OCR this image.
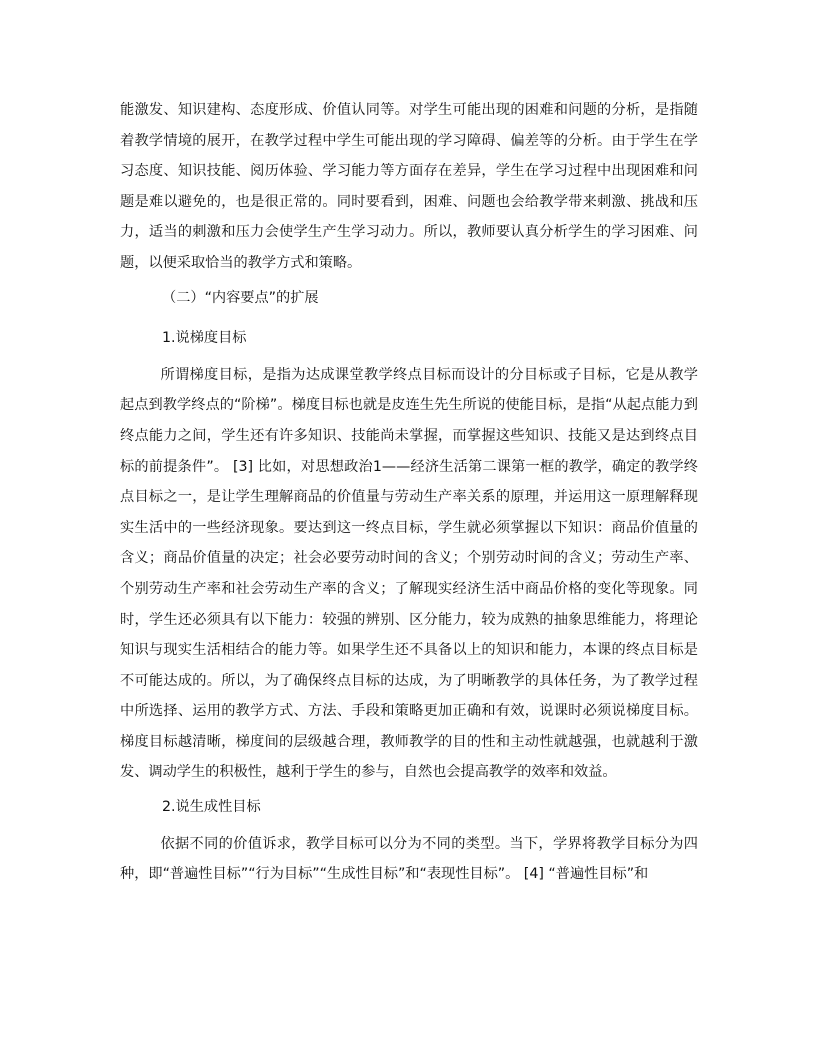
能激发、知识建构、态度形成、价值认同等。对学生可能出现的困难和问题的分析，是指随着教学情境的展开，在教学过程中学生可能出现的学习障碍、偏差等的分析。由于学生在学习态度、知识技能、阅历体验、学习能力等方面存在差异，学生在学习过程中出现困难和问题是难以避免的，也是很正常的。同时要看到，困难、问题也会给教学带来刺激、挑战和压力，适当的刺激和压力会使学生产生学习动力。所以，教师要认真分析学生的学习困难、问题，以便采取恰当的教学方式和策略。

（二）“内容要点”的扩展

1.说梯度目标

所谓梯度目标，是指为达成课堂教学终点目标而设计的分目标或子目标，它是从教学起点到教学终点的“阶梯”。梯度目标也就是皮连生先生所说的使能目标，是指“从起点能力到终点能力之间，学生还有许多知识、技能尚未掌握，而掌握这些知识、技能又是达到终点目标的前提条件”。 [3] 比如，对思想政治1——经济生活第二课第一框的教学，确定的教学终点目标之一，是让学生理解商品的价值量与劳动生产率关系的原理，并运用这一原理解释现实生活中的一些经济现象。要达到这一终点目标，学生就必须掌握以下知识：商品价值量的含义；商品价值量的决定；社会必要劳动时间的含义；个别劳动时间的含义；劳动生产率、个别劳动生产率和社会劳动生产率的含义；了解现实经济生活中商品价格的变化等现象。同时，学生还必须具有以下能力：较强的辨别、区分能力，较为成熟的抽象思维能力，将理论知识与现实生活相结合的能力等。如果学生还不具备以上的知识和能力，本课的终点目标是不可能达成的。所以，为了确保终点目标的达成，为了明晰教学的具体任务，为了教学过程中所选择、运用的教学方式、方法、手段和策略更加正确和有效，说课时必须说梯度目标。梯度目标越清晰，梯度间的层级越合理，教师教学的目的性和主动性就越强，也就越利于激发、调动学生的积极性，越利于学生的参与，自然也会提高教学的效率和效益。

2.说生成性目标

依据不同的价值诉求，教学目标可以分为不同的类型。当下，学界将教学目标分为四种，即“普遍性目标”“行为目标”“生成性目标”和“表现性目标”。 [4] “普遍性目标”和
